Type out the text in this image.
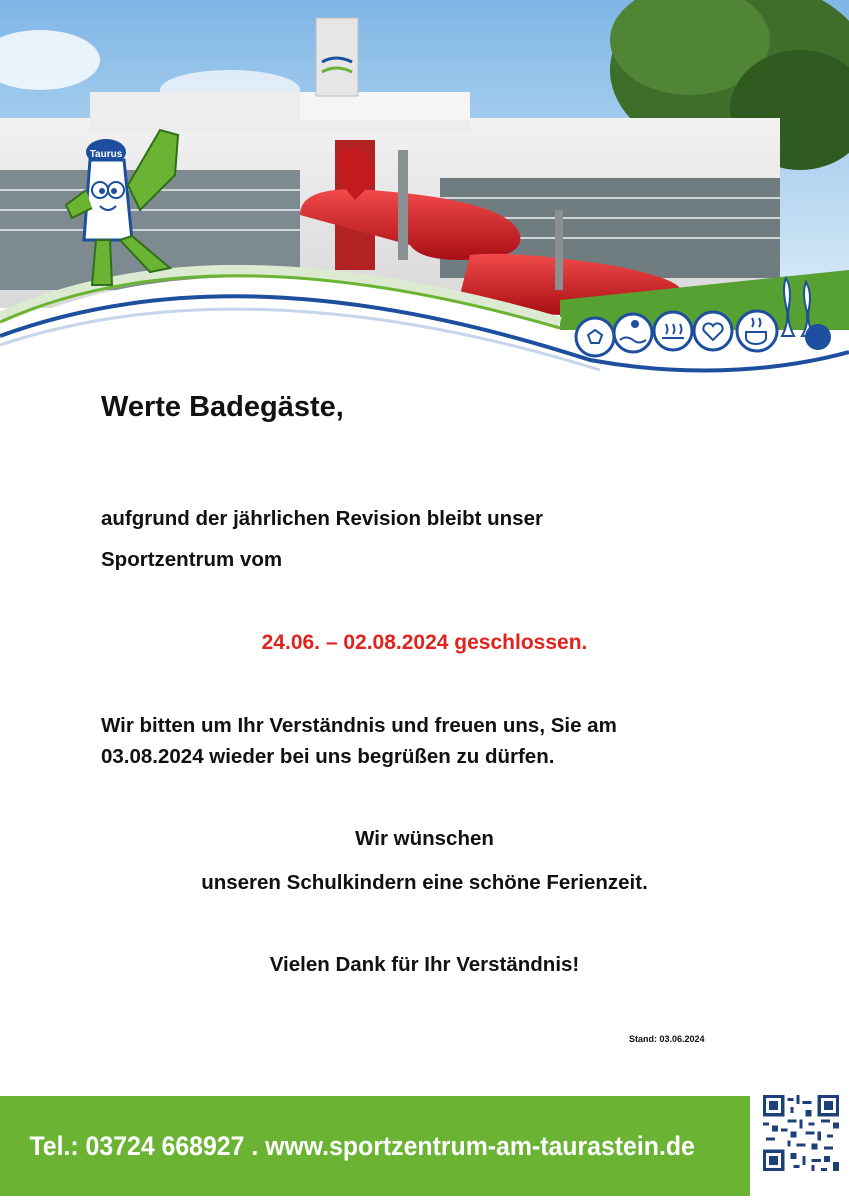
Taurus
Werte Badegäste,
aufgrund der jährlichen Revision bleibt unser
Sportzentrum vom
24.06. – 02.08.2024 geschlossen.
Wir bitten um Ihr Verständnis und freuen uns, Sie am
03.08.2024 wieder bei uns begrüßen zu dürfen.
Wir wünschen
unseren Schulkindern eine schöne Ferienzeit.
Vielen Dank für Ihr Verständnis!
Stand: 03.06.2024
Tel.: 03724 668927 . www.sportzentrum-am-taurastein.de
